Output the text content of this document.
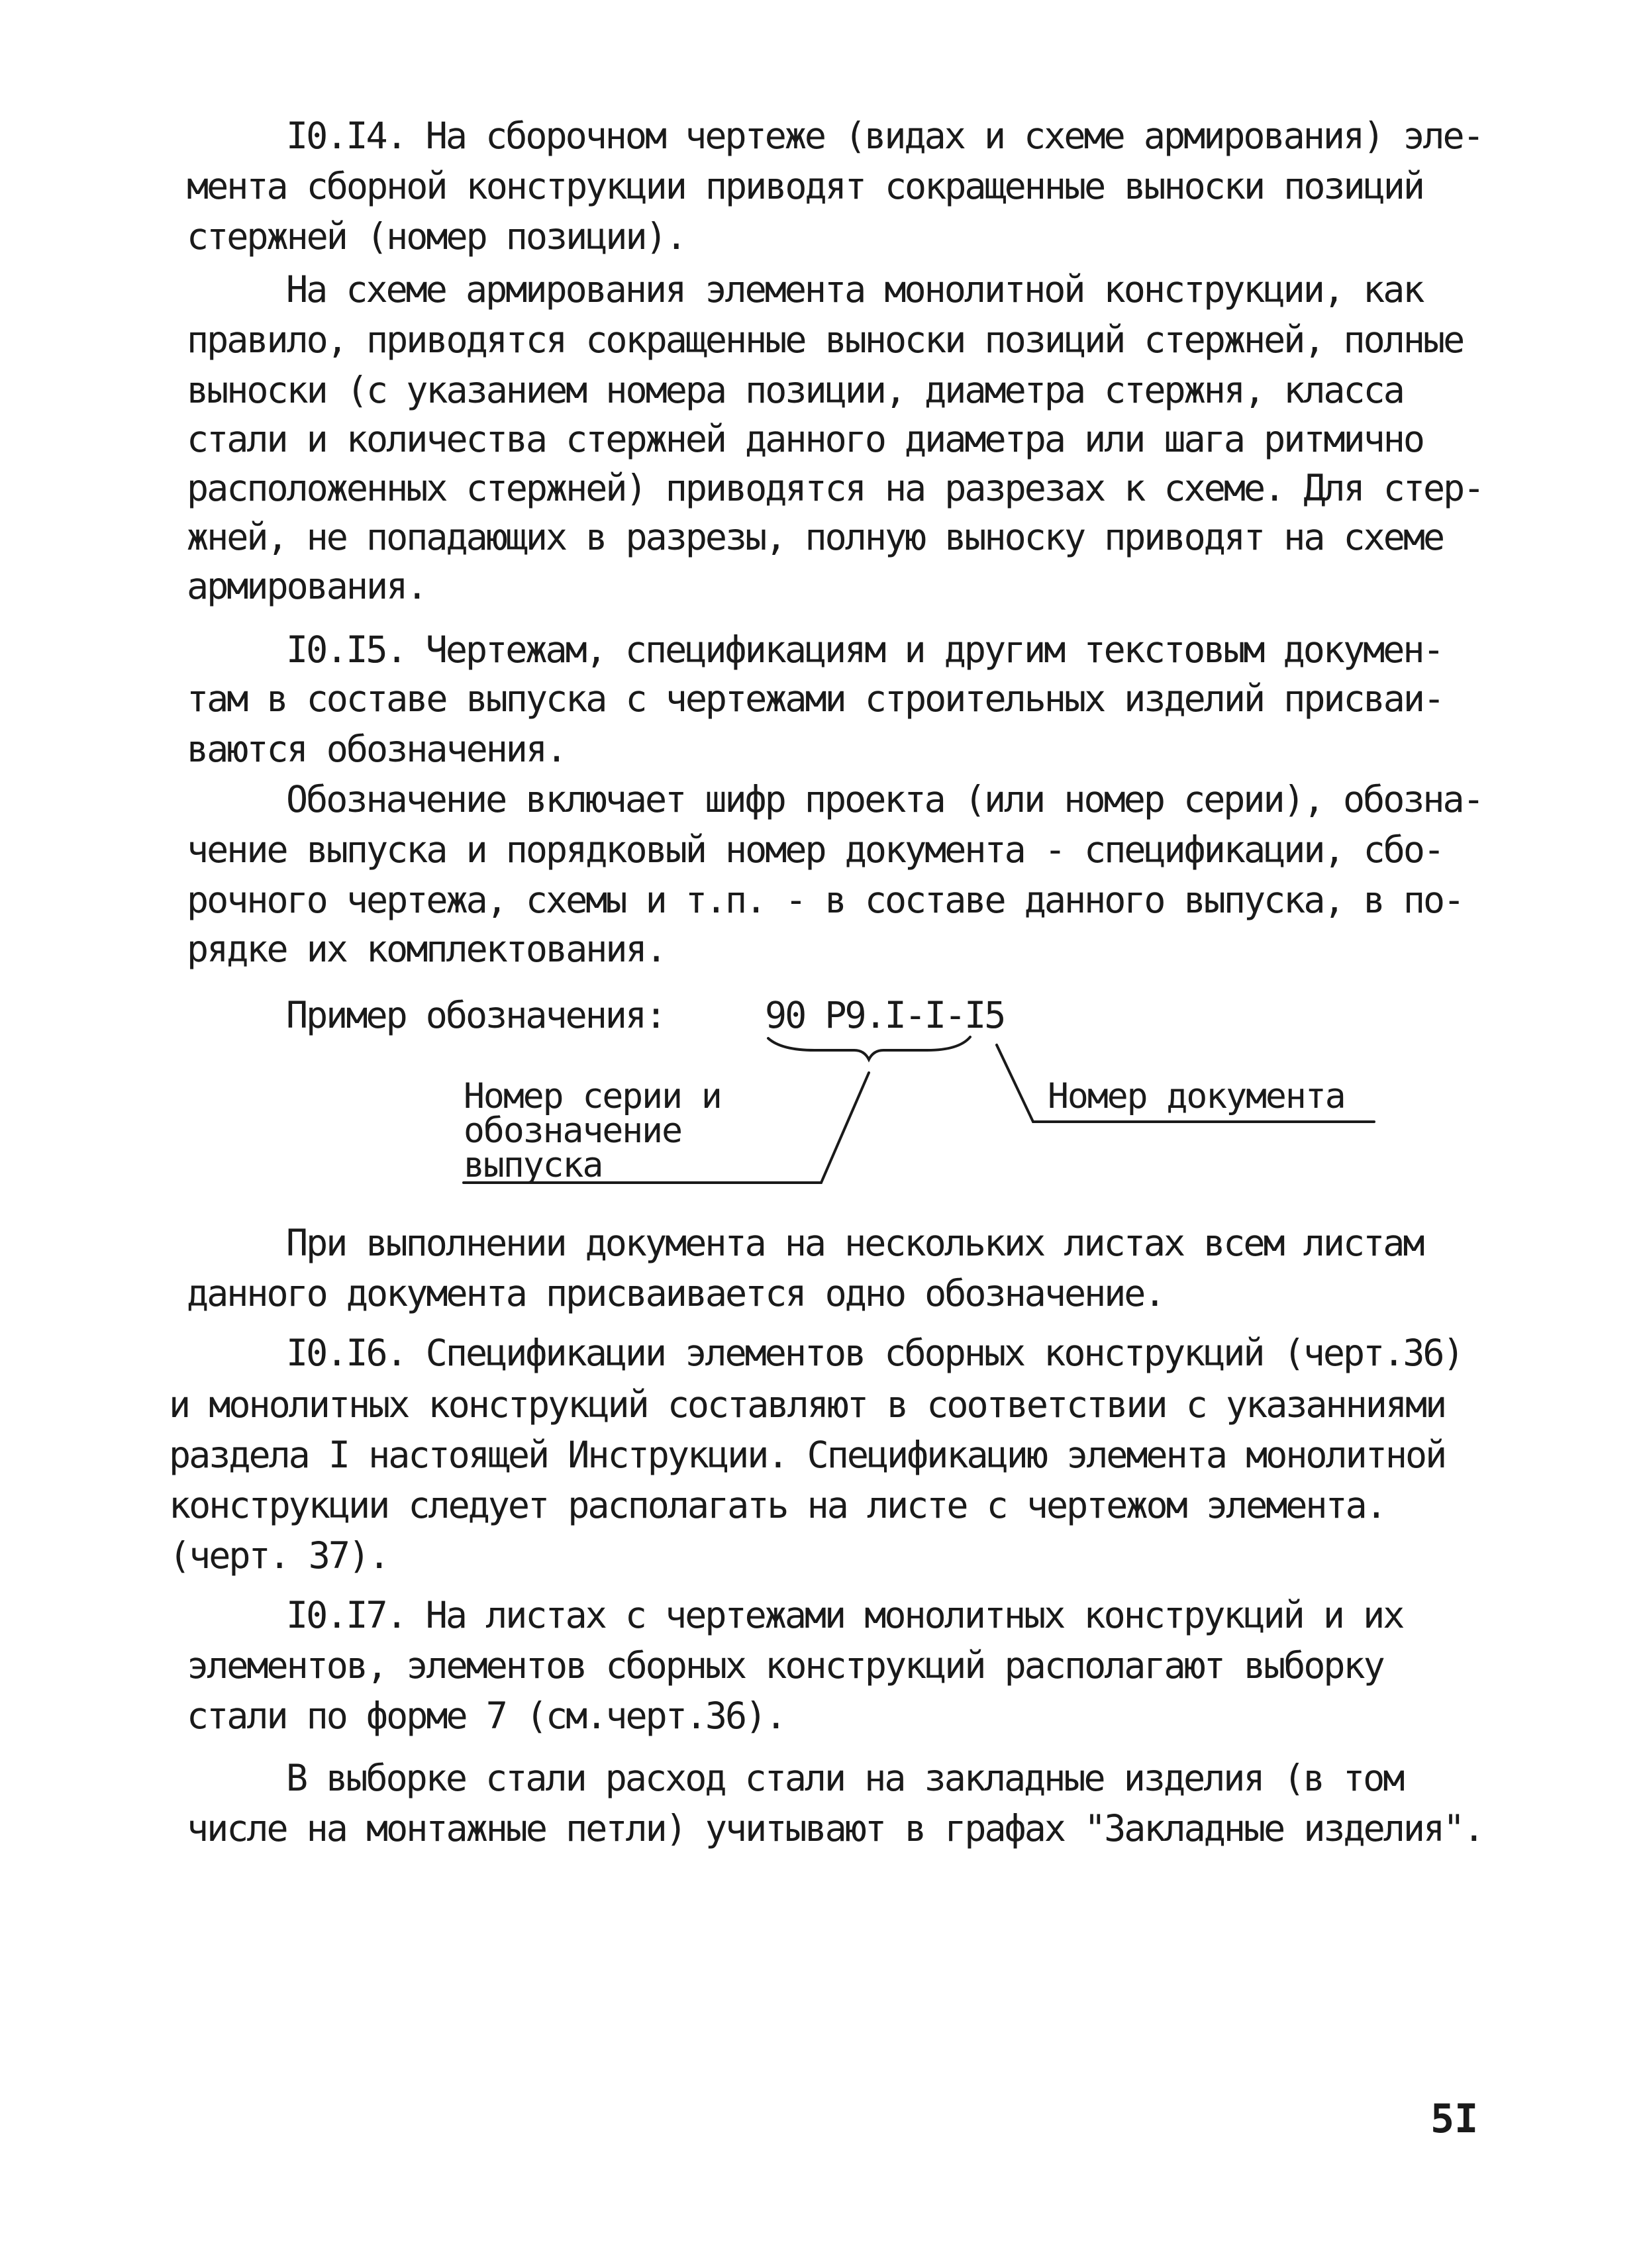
I0.I4. На сборочном чертеже (видах и схеме армирования) эле-

мента сборной конструкции приводят сокращенные выноски позиций

стержней (номер позиции).

На схеме армирования элемента монолитной конструкции, как

правило, приводятся сокращенные выноски позиций стержней, полные

выноски (с указанием номера позиции, диаметра стержня, класса

стали и количества стержней данного диаметра или шага ритмично

расположенных стержней) приводятся на разрезах к схеме. Для стер-

жней, не попадающих в разрезы, полную выноску приводят на схеме

армирования.

I0.I5. Чертежам, спецификациям и другим текстовым докумен-

там в составе выпуска с чертежами строительных изделий присваи-

ваются обозначения.

Обозначение включает шифр проекта (или номер серии), обозна-

чение выпуска и порядковый номер документа - спецификации, сбо-

рочного чертежа, схемы и т.п. - в составе данного выпуска, в по-

рядке их комплектования.

Пример обозначения:	90 Р9.I-I-I5

Номер серии и

обозначение

выпуска

Номер документа

При выполнении документа на нескольких листах всем листам

данного документа присваивается одно обозначение.

I0.I6. Спецификации элементов сборных конструкций (черт.36)

и монолитных конструкций составляют в соответствии с указанниями

раздела I настоящей Инструкции. Спецификацию элемента монолитной

конструкции следует располагать на листе с чертежом элемента.

(черт. 37).

I0.I7. На листах с чертежами монолитных конструкций и их

элементов, элементов сборных конструкций располагают выборку

стали по форме 7 (см.черт.36).

В выборке стали расход стали на закладные изделия (в том

числе на монтажные петли) учитывают в графах "Закладные изделия".

5I
